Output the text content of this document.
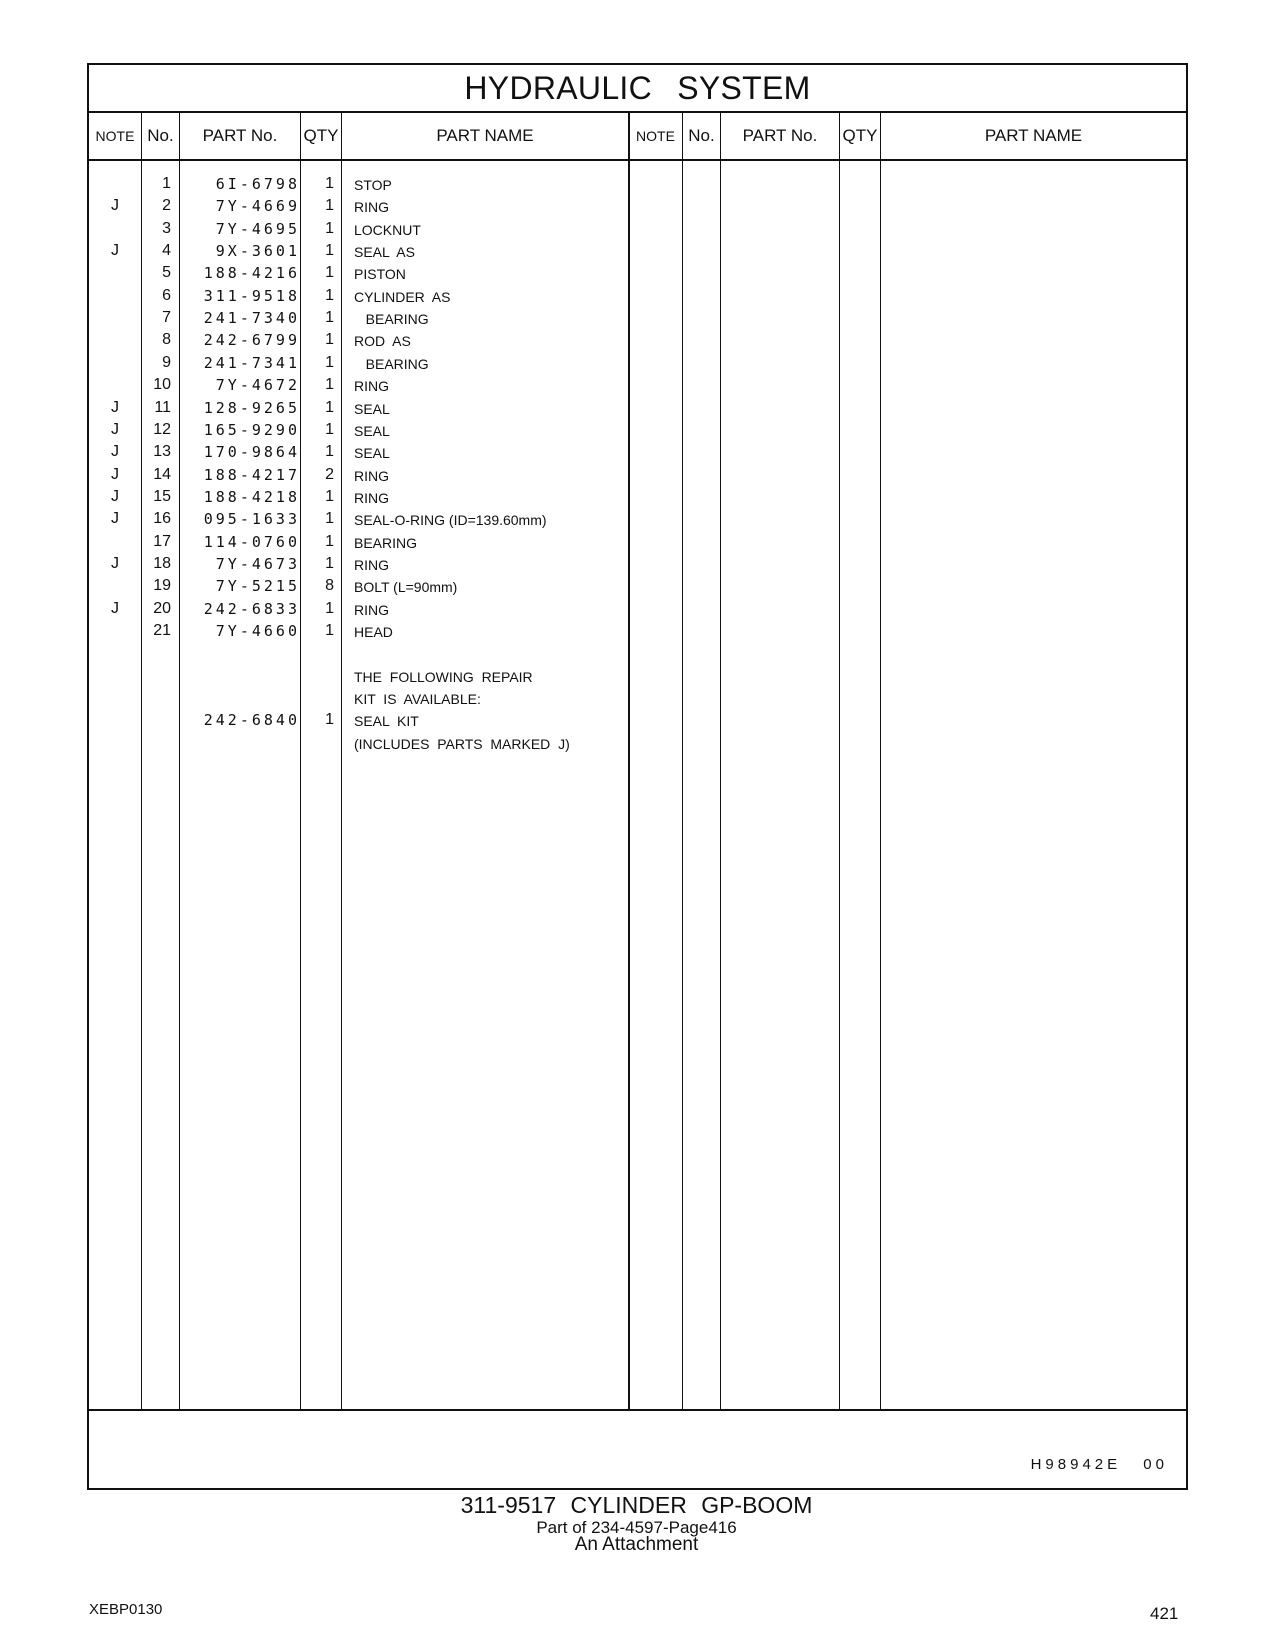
HYDRAULIC SYSTEM
NOTE No.	PART No.	QTY	PART NAME	NOTE No.	PART No.	QTY	PART NAME
1	6I-6798	1	STOP
J	2	7Y-4669	1	RING
3	7Y-4695	1	LOCKNUT
J	4	9X-3601	1	SEAL  AS
5	188-4216	1	PISTON
6	311-9518	1	CYLINDER  AS
7	241-7340	1	BEARING
8	242-6799	1	ROD  AS
9	241-7341	1	BEARING
10	7Y-4672	1	RING
J	11	128-9265	1	SEAL
J	12	165-9290	1	SEAL
J	13	170-9864	1	SEAL
J	14	188-4217	2	RING
J	15	188-4218	1	RING
J	16	095-1633	1	SEAL-O-RING (ID=139.60mm)
17	114-0760	1	BEARING
J	18	7Y-4673	1	RING
19	7Y-5215	8	BOLT (L=90mm)
J	20	242-6833	1	RING
21	7Y-4660	1	HEAD
THE  FOLLOWING  REPAIR
KIT  IS  AVAILABLE:
242-6840	1	SEAL  KIT
(INCLUDES  PARTS  MARKED  J)
H98942E 00
311-9517 CYLINDER GP-BOOM
Part of 234-4597-Page416
An Attachment
XEBP0130	421
